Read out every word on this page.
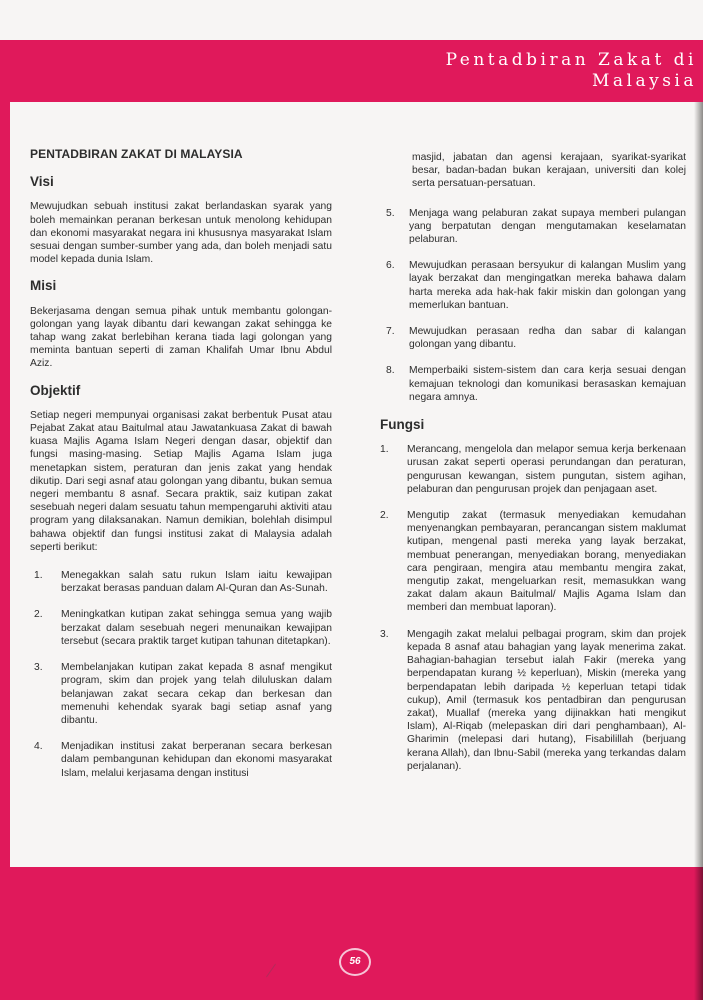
Pentadbiran Zakat di
Malaysia
PENTADBIRAN ZAKAT DI MALAYSIA
Visi

Mewujudkan sebuah institusi zakat berlandaskan syarak yang boleh memainkan peranan berkesan untuk menolong kehidupan dan ekonomi masyarakat negara ini khususnya masyarakat Islam sesuai dengan sumber-sumber yang ada, dan boleh menjadi satu model kepada dunia Islam.

Misi

Bekerjasama dengan semua pihak untuk membantu golongan-golongan yang layak dibantu dari kewangan zakat sehingga ke tahap wang zakat berlebihan kerana tiada lagi golongan yang meminta bantuan seperti di zaman Khalifah Umar Ibnu Abdul Aziz.

Objektif

Setiap negeri mempunyai organisasi zakat berbentuk Pusat atau Pejabat Zakat atau Baitulmal atau Jawatankuasa Zakat di bawah kuasa Majlis Agama Islam Negeri dengan dasar, objektif dan fungsi masing-masing. Setiap Majlis Agama Islam juga menetapkan sistem, peraturan dan jenis zakat yang hendak dikutip. Dari segi asnaf atau golongan yang dibantu, bukan semua negeri membantu 8 asnaf. Secara praktik, saiz kutipan zakat sesebuah negeri dalam sesuatu tahun mempengaruhi aktiviti atau program yang dilaksanakan. Namun demikian, bolehlah disimpul bahawa objektif dan fungsi institusi zakat di Malaysia adalah seperti berikut:

1. Menegakkan salah satu rukun Islam iaitu kewajipan berzakat berasas panduan dalam Al-Quran dan As-Sunah.
2. Meningkatkan kutipan zakat sehingga semua yang wajib berzakat dalam sesebuah negeri menunaikan kewajipan tersebut (secara praktik target kutipan tahunan ditetapkan).
3. Membelanjakan kutipan zakat kepada 8 asnaf mengikut program, skim dan projek yang telah diluluskan dalam belanjawan zakat secara cekap dan berkesan dan memenuhi kehendak syarak bagi setiap asnaf yang dibantu.
4. Menjadikan institusi zakat berperanan secara berkesan dalam pembangunan kehidupan dan ekonomi masyarakat Islam, melalui kerjasama dengan institusi

masjid, jabatan dan agensi kerajaan, syarikat-syarikat besar, badan-badan bukan kerajaan, universiti dan kolej serta persatuan-persatuan.

5. Menjaga wang pelaburan zakat supaya memberi pulangan yang berpatutan dengan mengutamakan keselamatan pelaburan.
6. Mewujudkan perasaan bersyukur di kalangan Muslim yang layak berzakat dan mengingatkan mereka bahawa dalam harta mereka ada hak-hak fakir miskin dan golongan yang memerlukan bantuan.
7. Mewujudkan perasaan redha dan sabar di kalangan golongan yang dibantu.
8. Memperbaiki sistem-sistem dan cara kerja sesuai dengan kemajuan teknologi dan komunikasi berasaskan kemajuan negara amnya.
Fungsi
1. Merancang, mengelola dan melapor semua kerja berkenaan urusan zakat seperti operasi perundangan dan peraturan, pengurusan kewangan, sistem pungutan, sistem agihan, pelaburan dan pengurusan projek dan penjagaan aset.
2. Mengutip zakat (termasuk menyediakan kemudahan menyenangkan pembayaran, perancangan sistem maklumat kutipan, mengenal pasti mereka yang layak berzakat, membuat penerangan, menyediakan borang, menyediakan cara pengiraan, mengira atau membantu mengira zakat, mengutip zakat, mengeluarkan resit, memasukkan wang zakat dalam akaun Baitulmal/ Majlis Agama Islam dan memberi dan membuat laporan).
3. Mengagih zakat melalui pelbagai program, skim dan projek kepada 8 asnaf atau bahagian yang layak menerima zakat. Bahagian-bahagian tersebut ialah Fakir (mereka yang berpendapatan kurang ½ keperluan), Miskin (mereka yang berpendapatan lebih daripada ½ keperluan tetapi tidak cukup), Amil (termasuk kos pentadbiran dan pengurusan zakat), Muallaf (mereka yang dijinakkan hati mengikut Islam), Al-Riqab (melepaskan diri dari penghambaan), Al-Gharimin (melepasi dari hutang), Fisabilillah (berjuang kerana Allah), dan Ibnu-Sabil (mereka yang terkandas dalam perjalanan).
56
